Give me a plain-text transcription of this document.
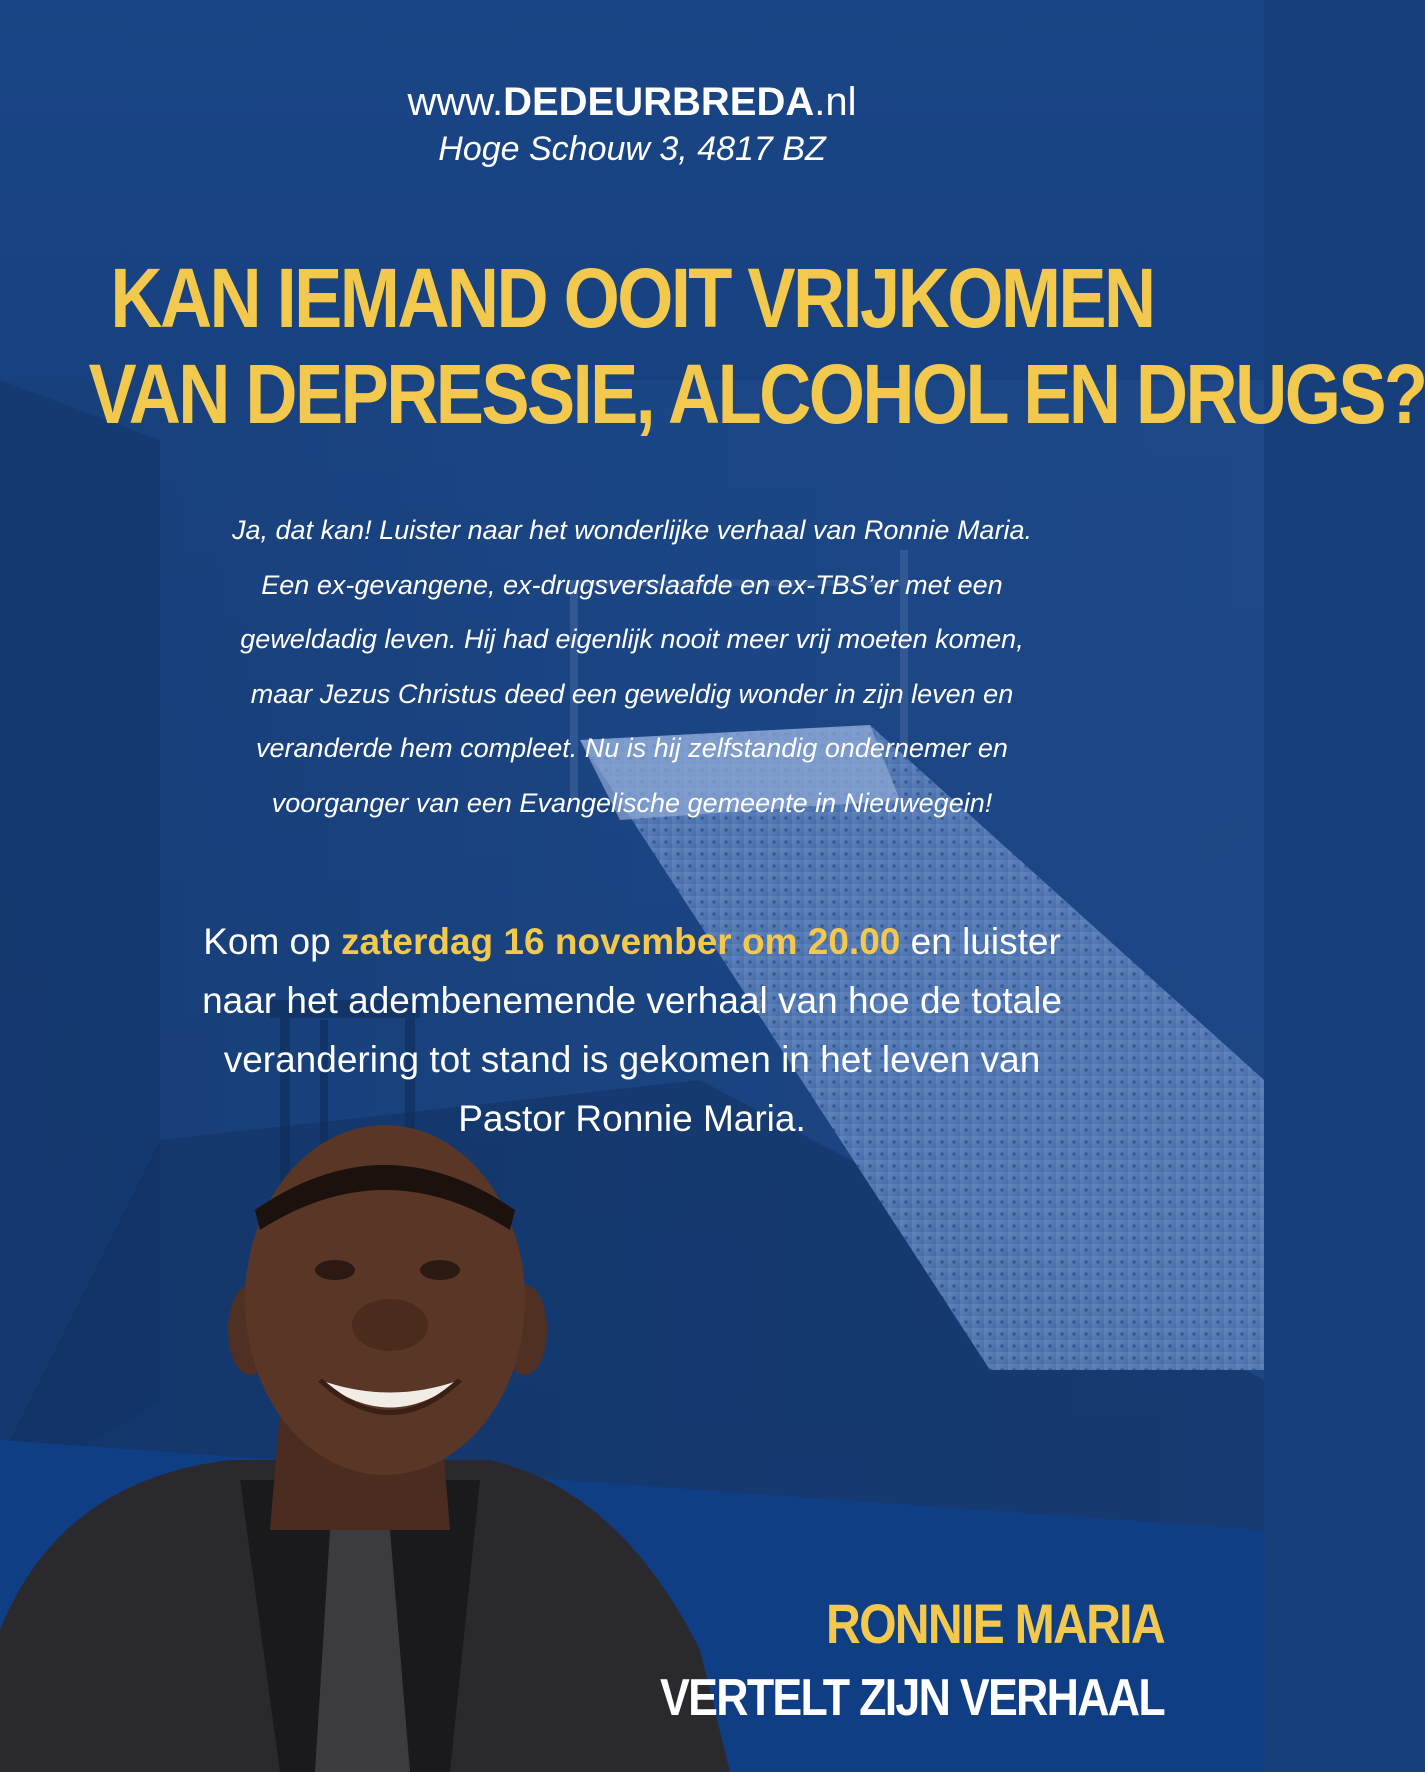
www.DEDEURBREDA.nl
Hoge Schouw 3, 4817 BZ
KAN IEMAND OOIT VRIJKOMEN
VAN DEPRESSIE, ALCOHOL EN DRUGS?
Ja, dat kan! Luister naar het wonderlijke verhaal van Ronnie Maria.
Een ex-gevangene, ex-drugsverslaafde en ex-TBS’er met een
geweldadig leven. Hij had eigenlijk nooit meer vrij moeten komen,
maar Jezus Christus deed een geweldig wonder in zijn leven en
veranderde hem compleet. Nu is hij zelfstandig ondernemer en
voorganger van een Evangelische gemeente in Nieuwegein!
Kom op zaterdag 16 november om 20.00 en luister
naar het adembenemende verhaal van hoe de totale
verandering tot stand is gekomen in het leven van
Pastor Ronnie Maria.
RONNIE MARIA
VERTELT ZIJN VERHAAL
